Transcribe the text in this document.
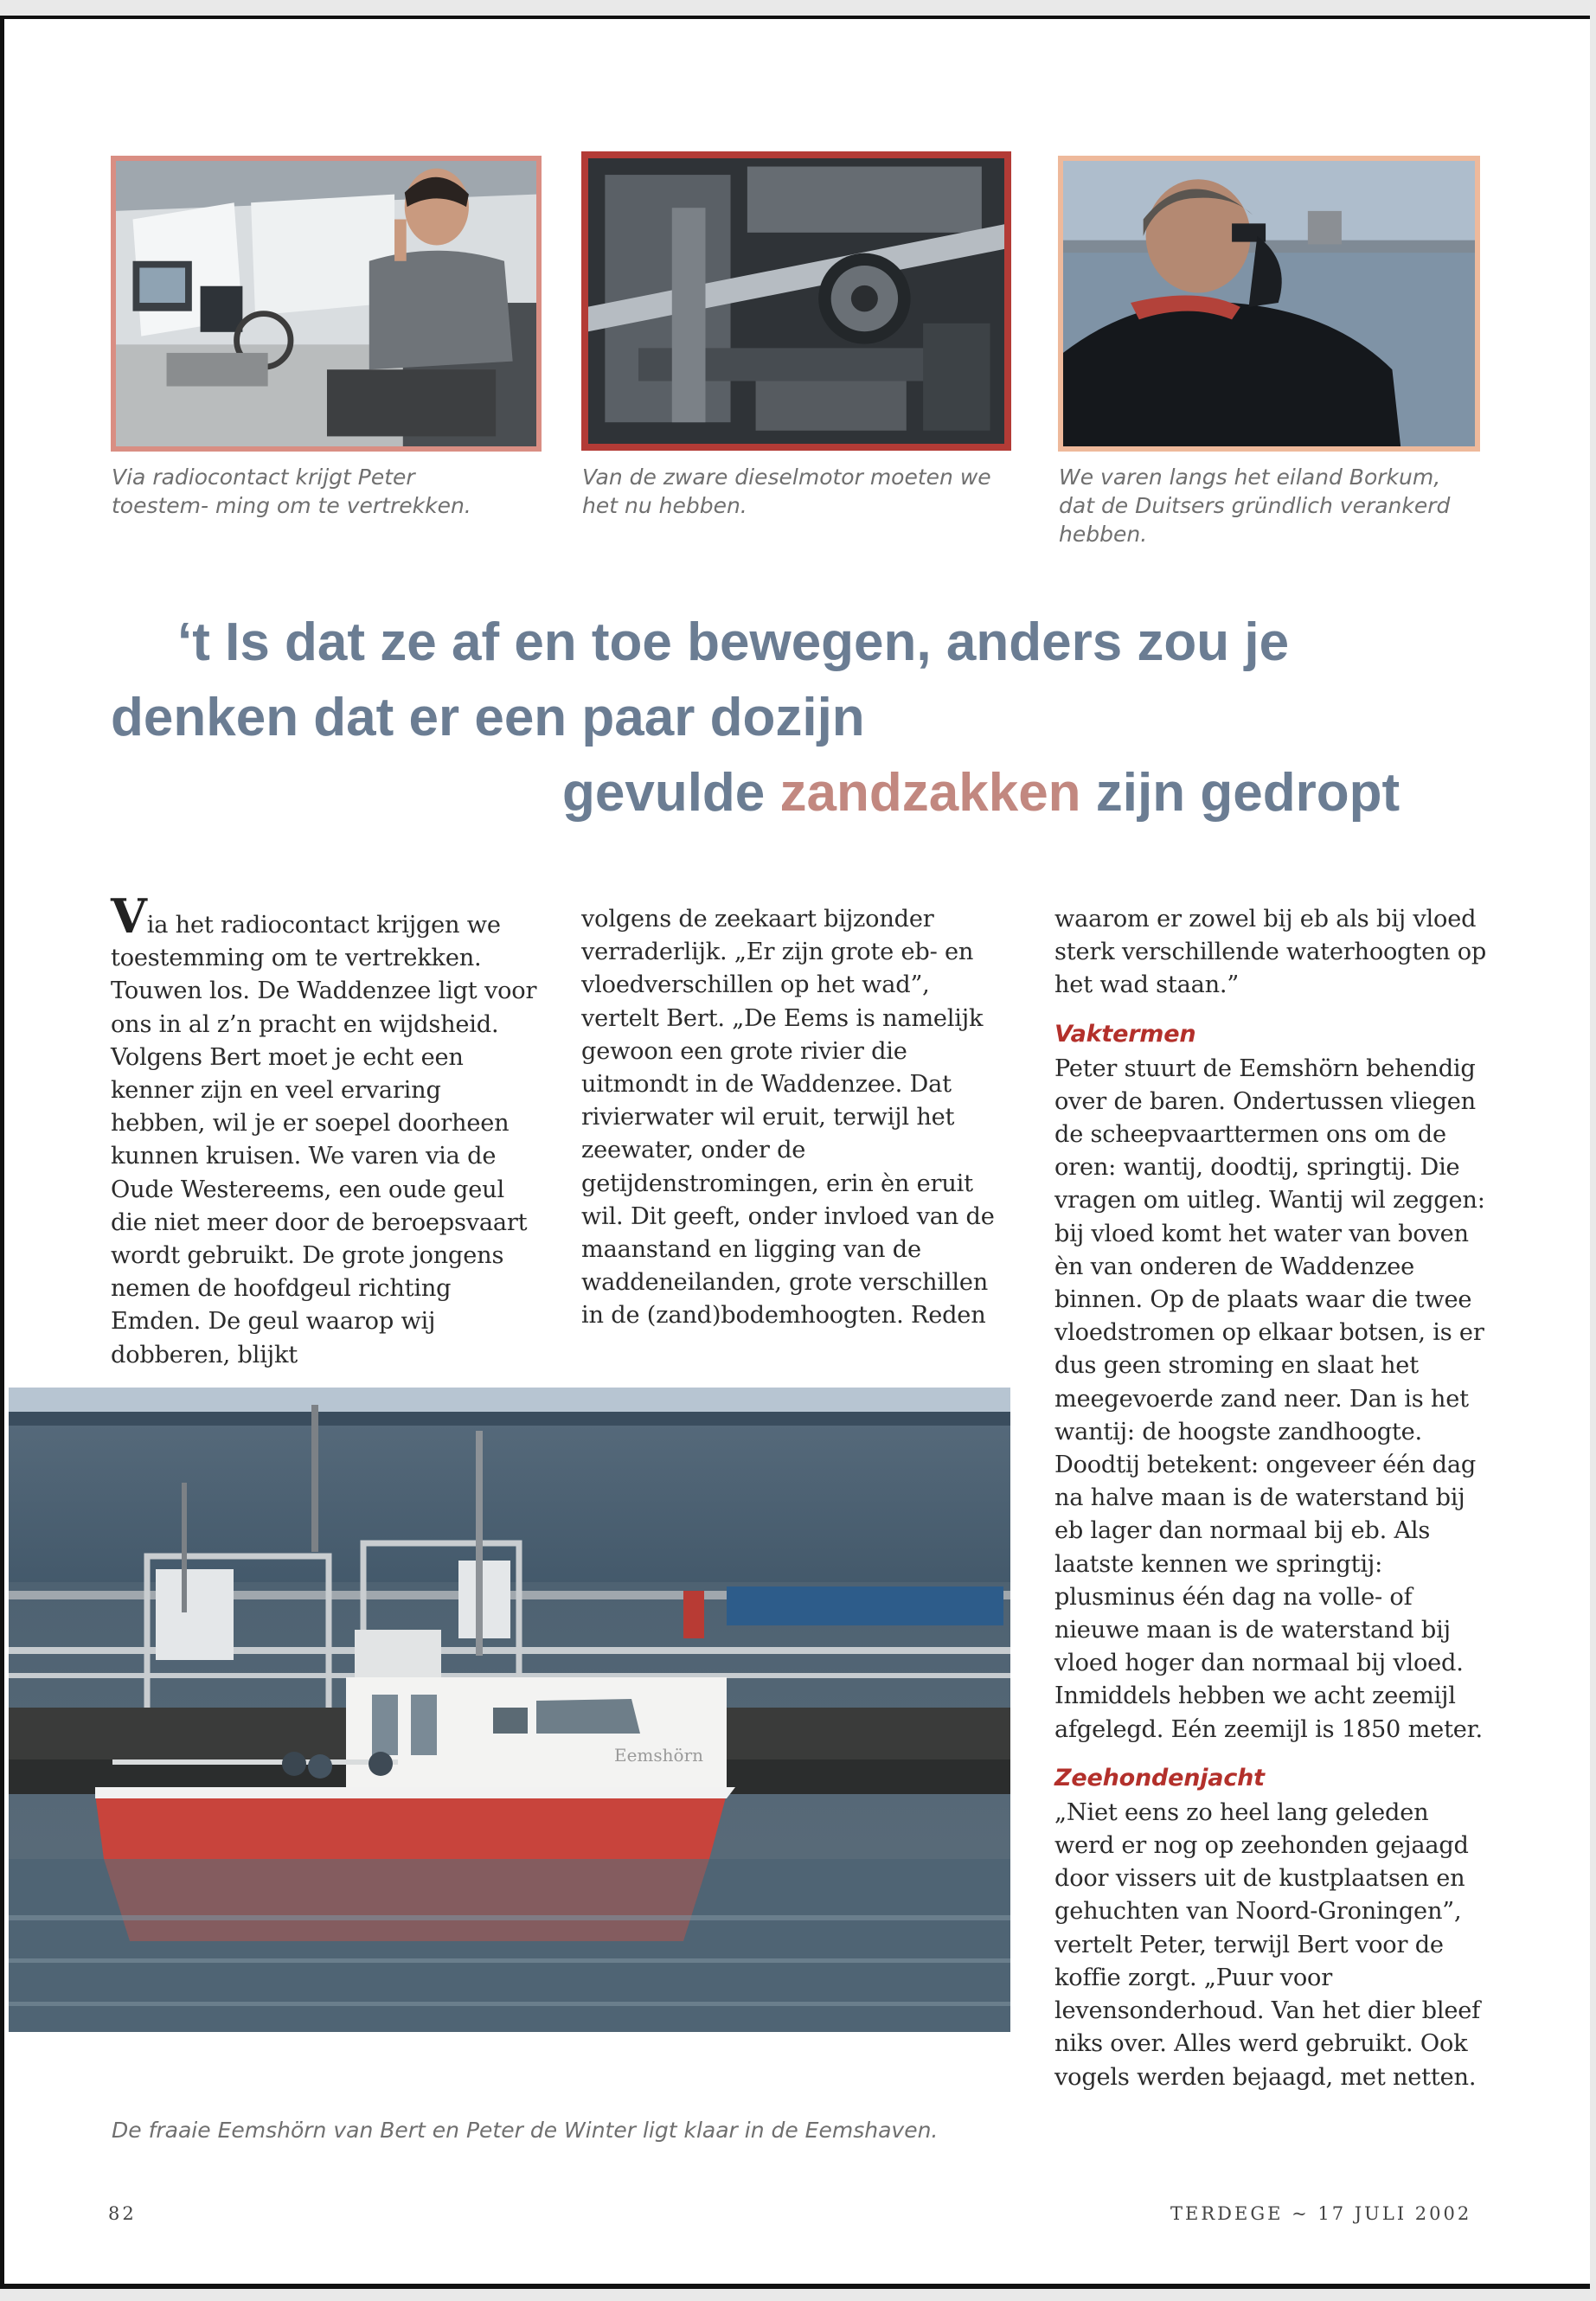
Via radiocontact krijgt Peter toestem- ming om te vertrekken.
Van de zware dieselmotor moeten we het nu hebben.
We varen langs het eiland Borkum, dat de Duitsers gründlich verankerd hebben.
‘t Is dat ze af en toe bewegen, anders zou je
denken dat er een paar dozijn
gevulde zandzakken zijn gedropt

Via het radiocontact krijgen we toestemming om te vertrekken. Touwen los. De Waddenzee ligt voor ons in al z’n pracht en wijdsheid. Volgens Bert moet je echt een kenner zijn en veel ervaring hebben, wil je er soepel doorheen kunnen kruisen. We varen via de Oude Westereems, een oude geul die niet meer door de beroepsvaart wordt gebruikt. De grote jongens nemen de hoofdgeul richting Emden. De geul waarop wij dobberen, blijkt

volgens de zeekaart bijzonder verraderlijk. „Er zijn grote eb- en vloedverschillen op het wad”, vertelt Bert. „De Eems is namelijk gewoon een grote rivier die uitmondt in de Waddenzee. Dat rivierwater wil eruit, terwijl het zeewater, onder de getijdenstromingen, erin èn eruit wil. Dit geeft, onder invloed van de maanstand en ligging van de waddeneilanden, grote verschillen in de (zand)bodemhoogten. Reden

waarom er zowel bij eb als bij vloed sterk verschillende waterhoogten op het wad staan.”

Vaktermen

Peter stuurt de Eemshörn behendig over de baren. Ondertussen vliegen de scheepvaarttermen ons om de oren: wantij, doodtij, springtij. Die vragen om uitleg. Wantij wil zeggen: bij vloed komt het water van boven èn van onderen de Waddenzee binnen. Op de plaats waar die twee vloedstromen op elkaar botsen, is er dus geen stroming en slaat het meegevoerde zand neer. Dan is het wantij: de hoogste zandhoogte. Doodtij betekent: ongeveer één dag na halve maan is de waterstand bij eb lager dan normaal bij eb. Als laatste kennen we springtij: plusminus één dag na volle- of nieuwe maan is de waterstand bij vloed hoger dan normaal bij vloed. Inmiddels hebben we acht zeemijl afgelegd. Eén zeemijl is 1850 meter.

Zeehondenjacht

„Niet eens zo heel lang geleden werd er nog op zeehonden gejaagd door vissers uit de kustplaatsen en gehuchten van Noord-Groningen”, vertelt Peter, terwijl Bert voor de koffie zorgt. „Puur voor levensonderhoud. Van het dier bleef niks over. Alles werd gebruikt. Ook vogels werden bejaagd, met netten.

Eemshörn
De fraaie Eemshörn van Bert en Peter de Winter ligt klaar in de Eemshaven.
82	TERDEGE ~ 17 JULI 2002
